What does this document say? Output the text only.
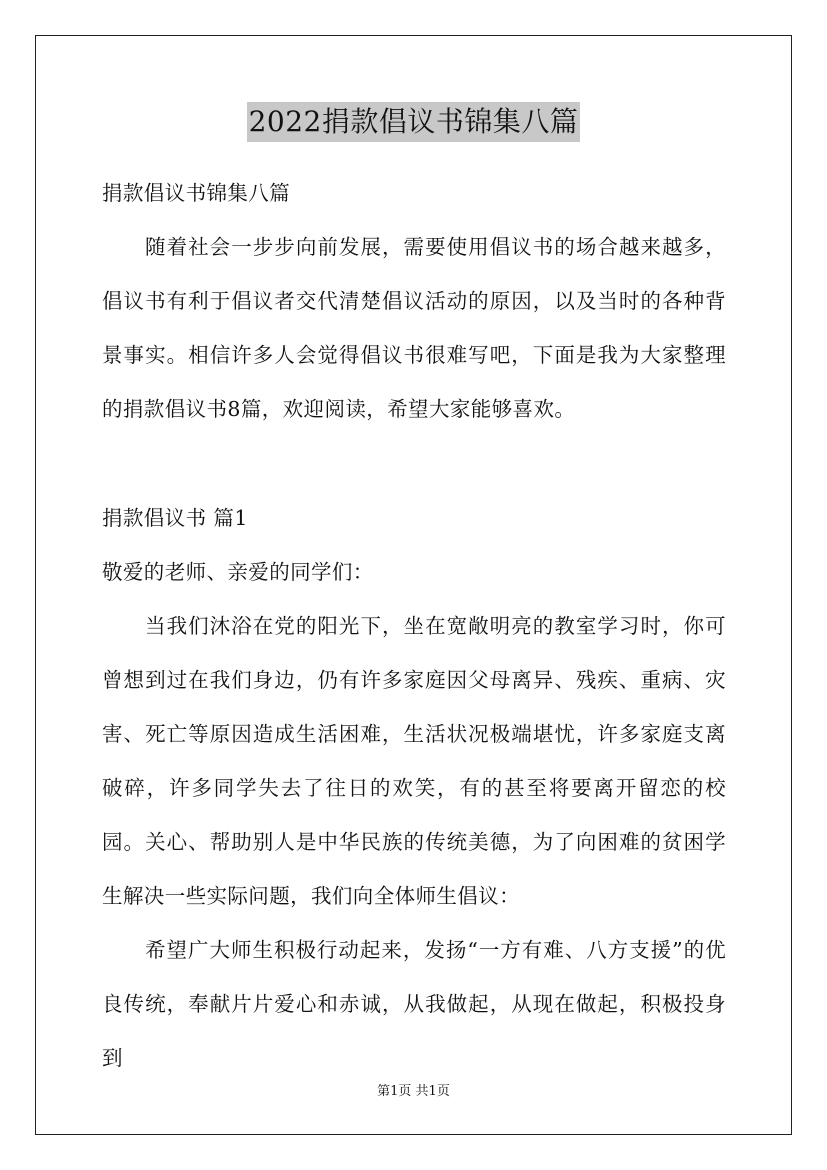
2022捐款倡议书锦集八篇
捐款倡议书锦集八篇
随着社会一步步向前发展，需要使用倡议书的场合越来越多，倡议书有利于倡议者交代清楚倡议活动的原因，以及当时的各种背景事实。相信许多人会觉得倡议书很难写吧，下面是我为大家整理的捐款倡议书8篇，欢迎阅读，希望大家能够喜欢。
捐款倡议书 篇1
敬爱的老师、亲爱的同学们：
当我们沐浴在党的阳光下，坐在宽敞明亮的教室学习时，你可曾想到过在我们身边，仍有许多家庭因父母离异、残疾、重病、灾害、死亡等原因造成生活困难，生活状况极端堪忧，许多家庭支离破碎，许多同学失去了往日的欢笑，有的甚至将要离开留恋的校园。关心、帮助别人是中华民族的传统美德，为了向困难的贫困学生解决一些实际问题，我们向全体师生倡议：
希望广大师生积极行动起来，发扬“一方有难、八方支援”的优良传统，奉献片片爱心和赤诚，从我做起，从现在做起，积极投身到
第1页 共1页
